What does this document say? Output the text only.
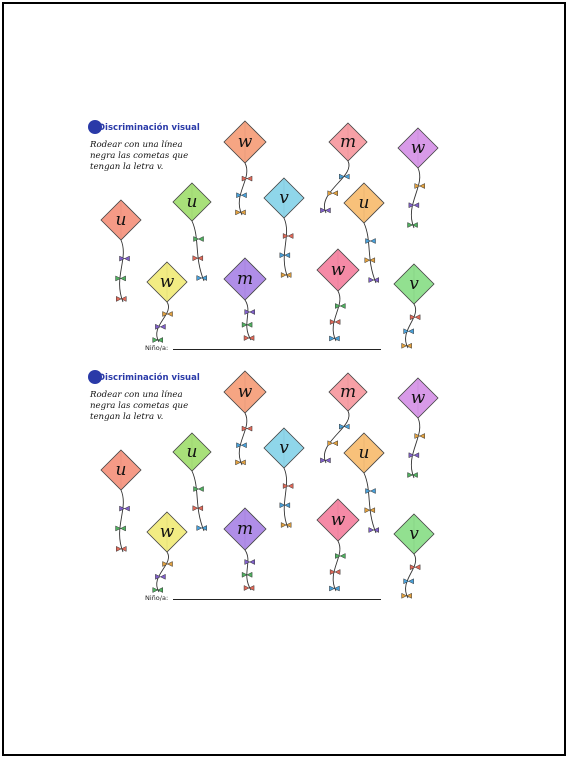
Discriminación visual
Rodear con una línea
negra las cometas que
tengan la letra v.
w	m	w
u
u	v	u
w	m	w
v
Niño/a:
Discriminación visual
Rodear con una línea
negra las cometas que
tengan la letra v.
w	m	w
u
u	v	u
w	m	w
v
Niño/a:
